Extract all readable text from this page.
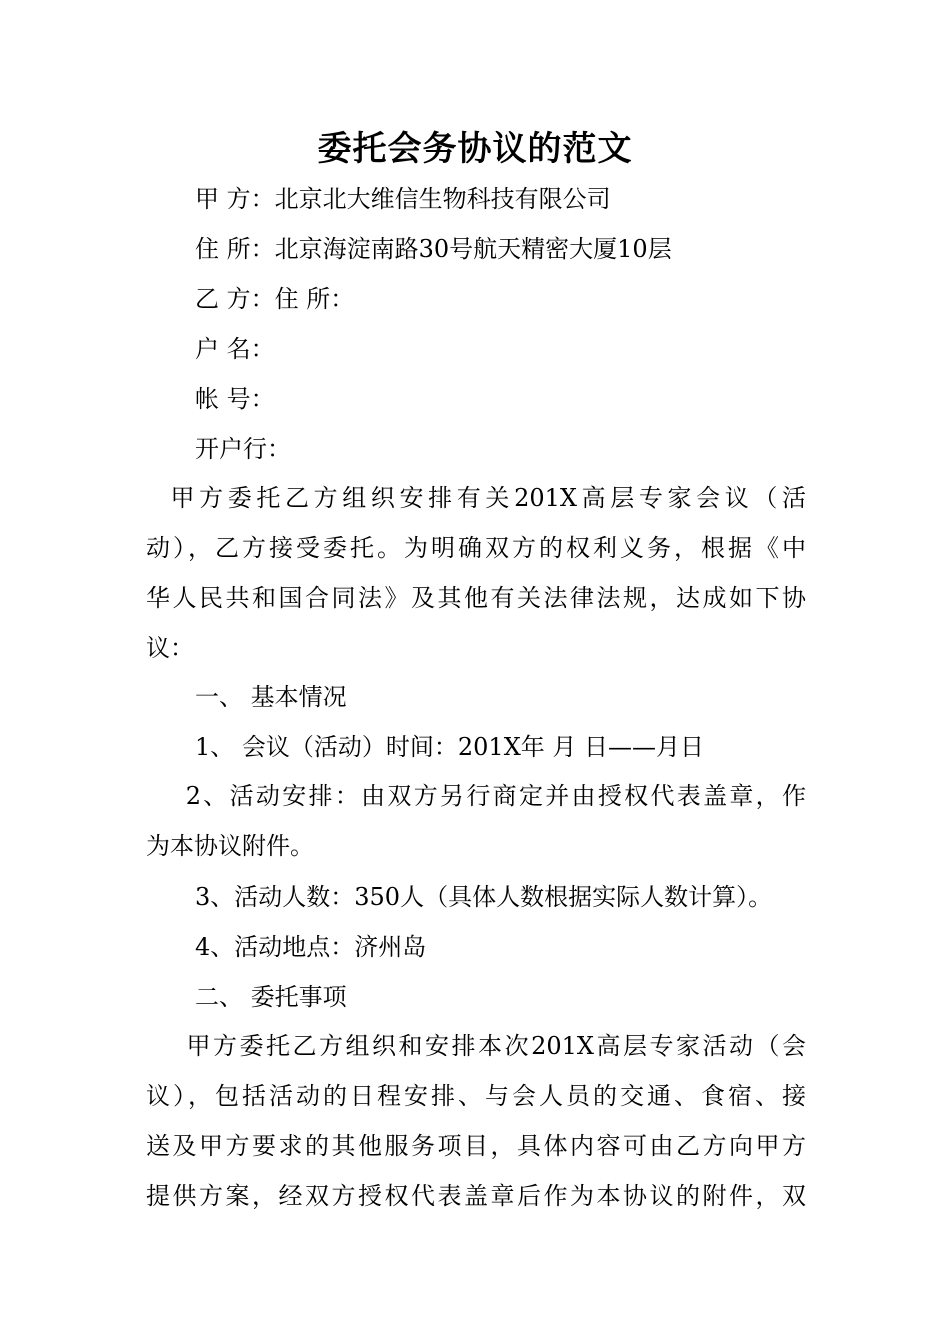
委托会务协议的范文
甲 方：北京北大维信生物科技有限公司
住 所：北京海淀南路30号航天精密大厦10层
乙 方：住 所：
户 名：
帐 号：
开户行：
甲方委托乙方组织安排有关201X高层专家会议（活
动），乙方接受委托。为明确双方的权利义务，根据《中
华人民共和国合同法》及其他有关法律法规，达成如下协
议：
一、 基本情况
1、 会议（活动）时间：201X年 月 日——月日
2、活动安排：由双方另行商定并由授权代表盖章，作
为本协议附件。
3、活动人数：350人（具体人数根据实际人数计算）。
4、活动地点：济州岛
二、 委托事项
甲方委托乙方组织和安排本次201X高层专家活动（会
议），包括活动的日程安排、与会人员的交通、食宿、接
送及甲方要求的其他服务项目，具体内容可由乙方向甲方
提供方案，经双方授权代表盖章后作为本协议的附件，双
